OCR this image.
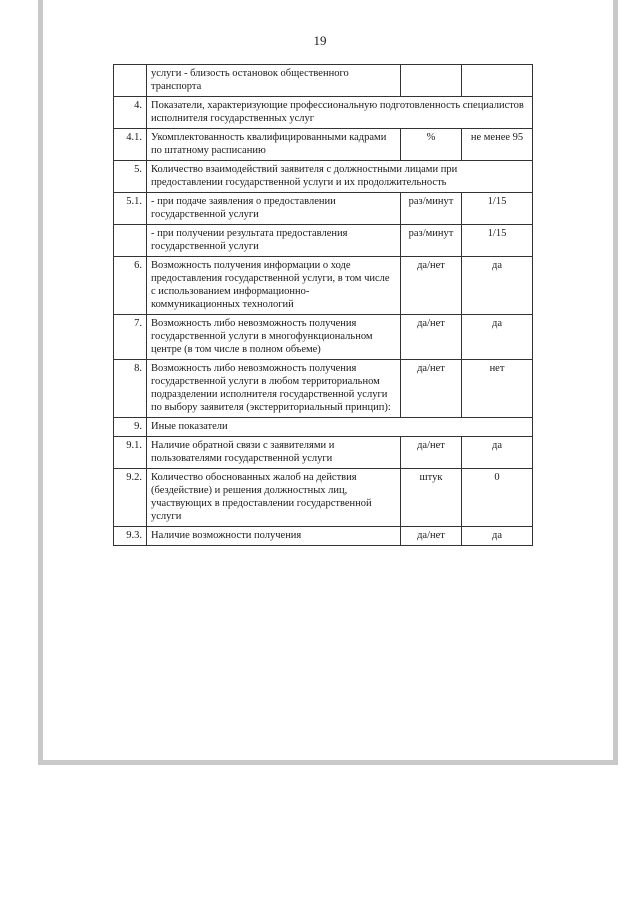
19
	услуги - близость остановок общественного транспорта		
4.	Показатели, характеризующие профессиональную подготовленность специалистов исполнителя государственных услуг		
4.1.	Укомплектованность квалифицированными кадрами по штатному расписанию	%	не менее 95
5.	Количество взаимодействий заявителя с должностными лицами при предоставлении государственной услуги и их продолжительность		
5.1.	- при подаче заявления о предоставлении государственной услуги	раз/минут	1/15
	- при получении результата предоставления государственной услуги	раз/минут	1/15
6.	Возможность получения информации о ходе предоставления государственной услуги, в том числе с использованием информационно-коммуникационных технологий	да/нет	да
7.	Возможность либо невозможность получения государственной услуги в многофункциональном центре (в том числе в полном объеме)	да/нет	да
8.	Возможность либо невозможность получения государственной услуги в любом территориальном подразделении исполнителя государственной услуги по выбору заявителя (экстерриториальный принцип):	да/нет	нет
9.	Иные показатели		
9.1.	Наличие обратной связи с заявителями и пользователями государственной услуги	да/нет	да
9.2.	Количество обоснованных жалоб на действия (бездействие) и решения должностных лиц, участвующих в предоставлении государственной услуги	штук	0
9.3.	Наличие возможности получения	да/нет	да
